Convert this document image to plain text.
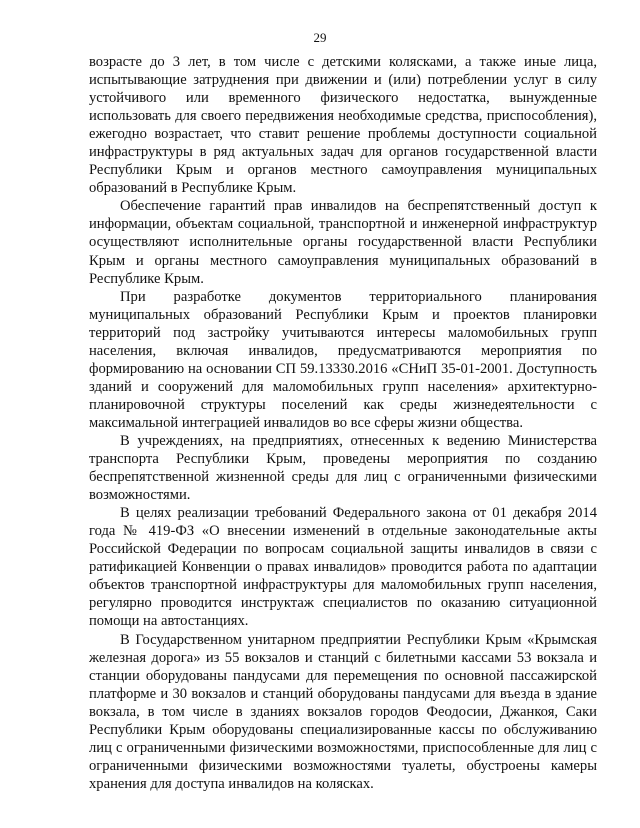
29

возрасте до 3 лет, в том числе с детскими колясками, а также иные лица, испытывающие затруднения при движении и (или) потреблении услуг в силу устойчивого или временного физического недостатка, вынужденные использовать для своего передвижения необходимые средства, приспособления), ежегодно возрастает, что ставит решение проблемы доступности социальной инфраструктуры в ряд актуальных задач для органов государственной власти Республики Крым и органов местного самоуправления муниципальных образований в Республике Крым.

Обеспечение гарантий прав инвалидов на беспрепятственный доступ к информации, объектам социальной, транспортной и инженерной инфраструктур осуществляют исполнительные органы государственной власти Республики Крым и органы местного самоуправления муниципальных образований в Республике Крым.

При разработке документов территориального планирования муниципальных образований Республики Крым и проектов планировки территорий под застройку учитываются интересы маломобильных групп населения, включая инвалидов, предусматриваются мероприятия по формированию на основании СП 59.13330.2016 «СНиП 35-01-2001. Доступность зданий и сооружений для маломобильных групп населения» архитектурно-планировочной структуры поселений как среды жизнедеятельности с максимальной интеграцией инвалидов во все сферы жизни общества.

В учреждениях, на предприятиях, отнесенных к ведению Министерства транспорта Республики Крым, проведены мероприятия по созданию беспрепятственной жизненной среды для лиц с ограниченными физическими возможностями.

В целях реализации требований Федерального закона от 01 декабря 2014 года № 419-ФЗ «О внесении изменений в отдельные законодательные акты Российской Федерации по вопросам социальной защиты инвалидов в связи с ратификацией Конвенции о правах инвалидов» проводится работа по адаптации объектов транспортной инфраструктуры для маломобильных групп населения, регулярно проводится инструктаж специалистов по оказанию ситуационной помощи на автостанциях.

В Государственном унитарном предприятии Республики Крым «Крымская железная дорога» из 55 вокзалов и станций с билетными кассами 53 вокзала и станции оборудованы пандусами для перемещения по основной пассажирской платформе и 30 вокзалов и станций оборудованы пандусами для въезда в здание вокзала, в том числе в зданиях вокзалов городов Феодосии, Джанкоя, Саки Республики Крым оборудованы специализированные кассы по обслуживанию лиц с ограниченными физическими возможностями, приспособленные для лиц с ограниченными физическими возможностями туалеты, обустроены камеры хранения для доступа инвалидов на колясках.
